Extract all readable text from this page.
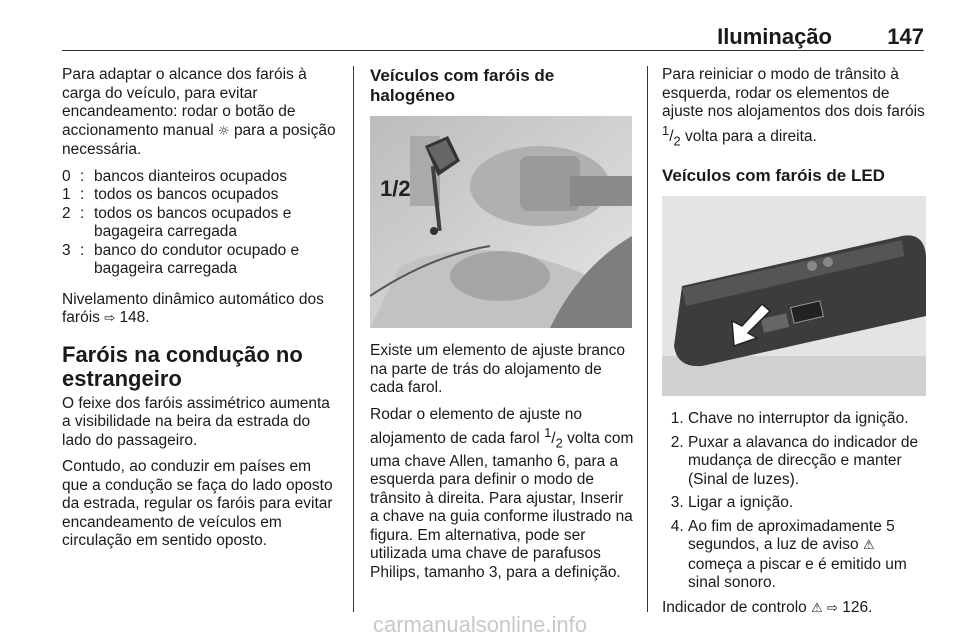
Iluminação	147

Para adaptar o alcance dos faróis à carga do veículo, para evitar encandeamento: rodar o botão de accionamento manual ☼ para a posição necessária.

0 : bancos dianteiros ocupados
1 : todos os bancos ocupados
2 : todos os bancos ocupados e bagageira carregada
3 : banco do condutor ocupado e bagageira carregada

Nivelamento dinâmico automático dos faróis ⇨ 148.

Faróis na condução no estrangeiro

O feixe dos faróis assimétrico aumenta a visibilidade na beira da estrada do lado do passageiro.

Contudo, ao conduzir em países em que a condução se faça do lado oposto da estrada, regular os faróis para evitar encandeamento de veículos em circulação em sentido oposto.

Veículos com faróis de halogéneo
1/2

Existe um elemento de ajuste branco na parte de trás do alojamento de cada farol.

Rodar o elemento de ajuste no alojamento de cada farol $^1/_2$ volta com uma chave Allen, tamanho 6, para a esquerda para definir o modo de trânsito à direita. Para ajustar, Inserir a chave na guia conforme ilustrado na figura. Em alternativa, pode ser utilizada uma chave de parafusos Philips, tamanho 3, para a definição.

Para reiniciar o modo de trânsito à esquerda, rodar os elementos de ajuste nos alojamentos dos dois faróis $^1/_2$ volta para a direita.

Veículos com faróis de LED
1. Chave no interruptor da ignição.
2. Puxar a alavanca do indicador de mudança de direcção e manter (Sinal de luzes).
3. Ligar a ignição.
4. Ao fim de aproximadamente 5 segundos, a luz de aviso ⚠ começa a piscar e é emitido um sinal sonoro.

Indicador de controlo ⚠ ⇨ 126.

carmanualsonline.info
